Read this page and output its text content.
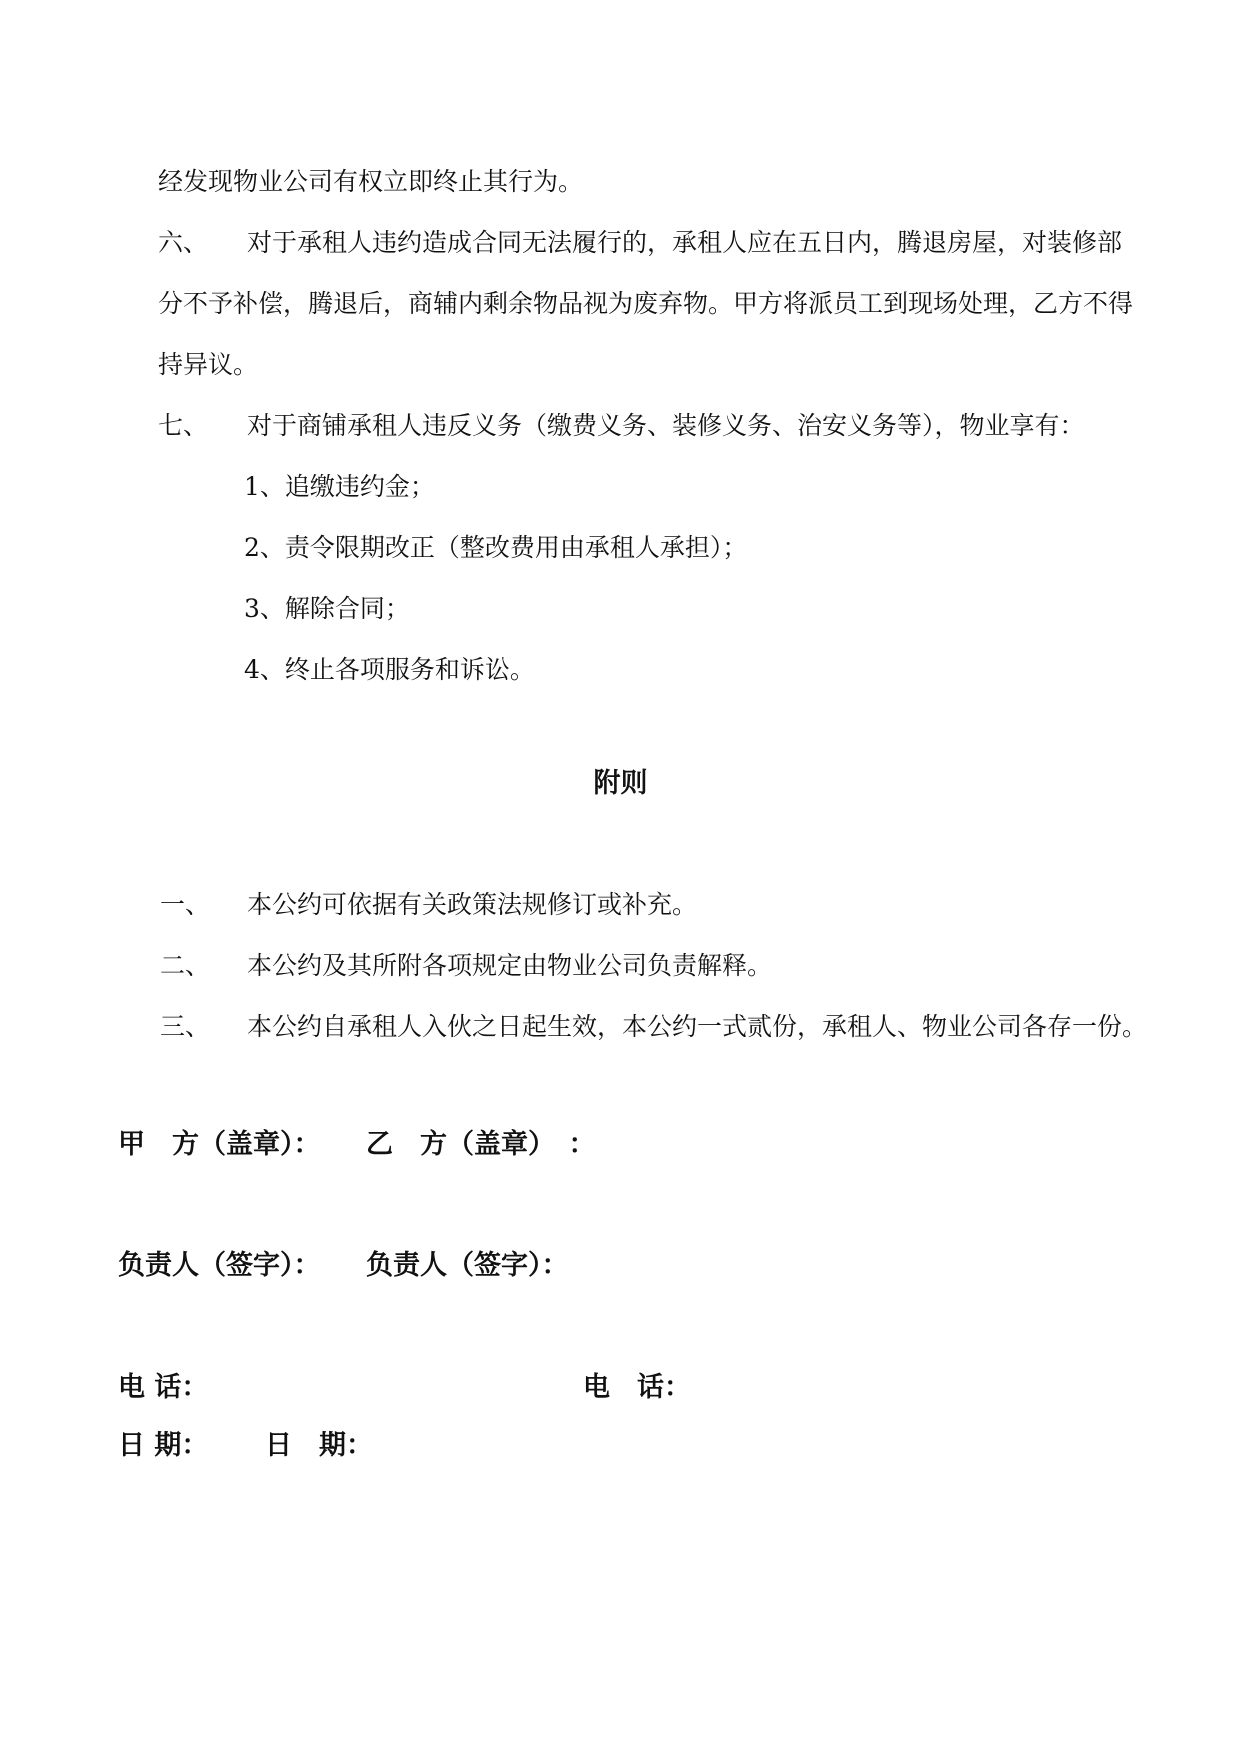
经发现物业公司有权立即终止其行为。
六、 对于承租人违约造成合同无法履行的，承租人应在五日内，腾退房屋，对装修部
分不予补偿，腾退后，商辅内剩余物品视为废弃物。甲方将派员工到现场处理，乙方不得
持异议。
七、 对于商铺承租人违反义务（缴费义务、装修义务、治安义务等），物业享有：
1、追缴违约金；
2、责令限期改正（整改费用由承租人承担）；
3、解除合同；
4、终止各项服务和诉讼。
附则
一、 本公约可依据有关政策法规修订或补充。
二、 本公约及其所附各项规定由物业公司负责解释。
三、 本公约自承租人入伙之日起生效，本公约一式贰份，承租人、物业公司各存一份。
甲　方（盖章）： 乙　方（盖章）　：
负责人（签字）： 负责人（签字）：
电 话：	电　话：
日 期： 日　期：
